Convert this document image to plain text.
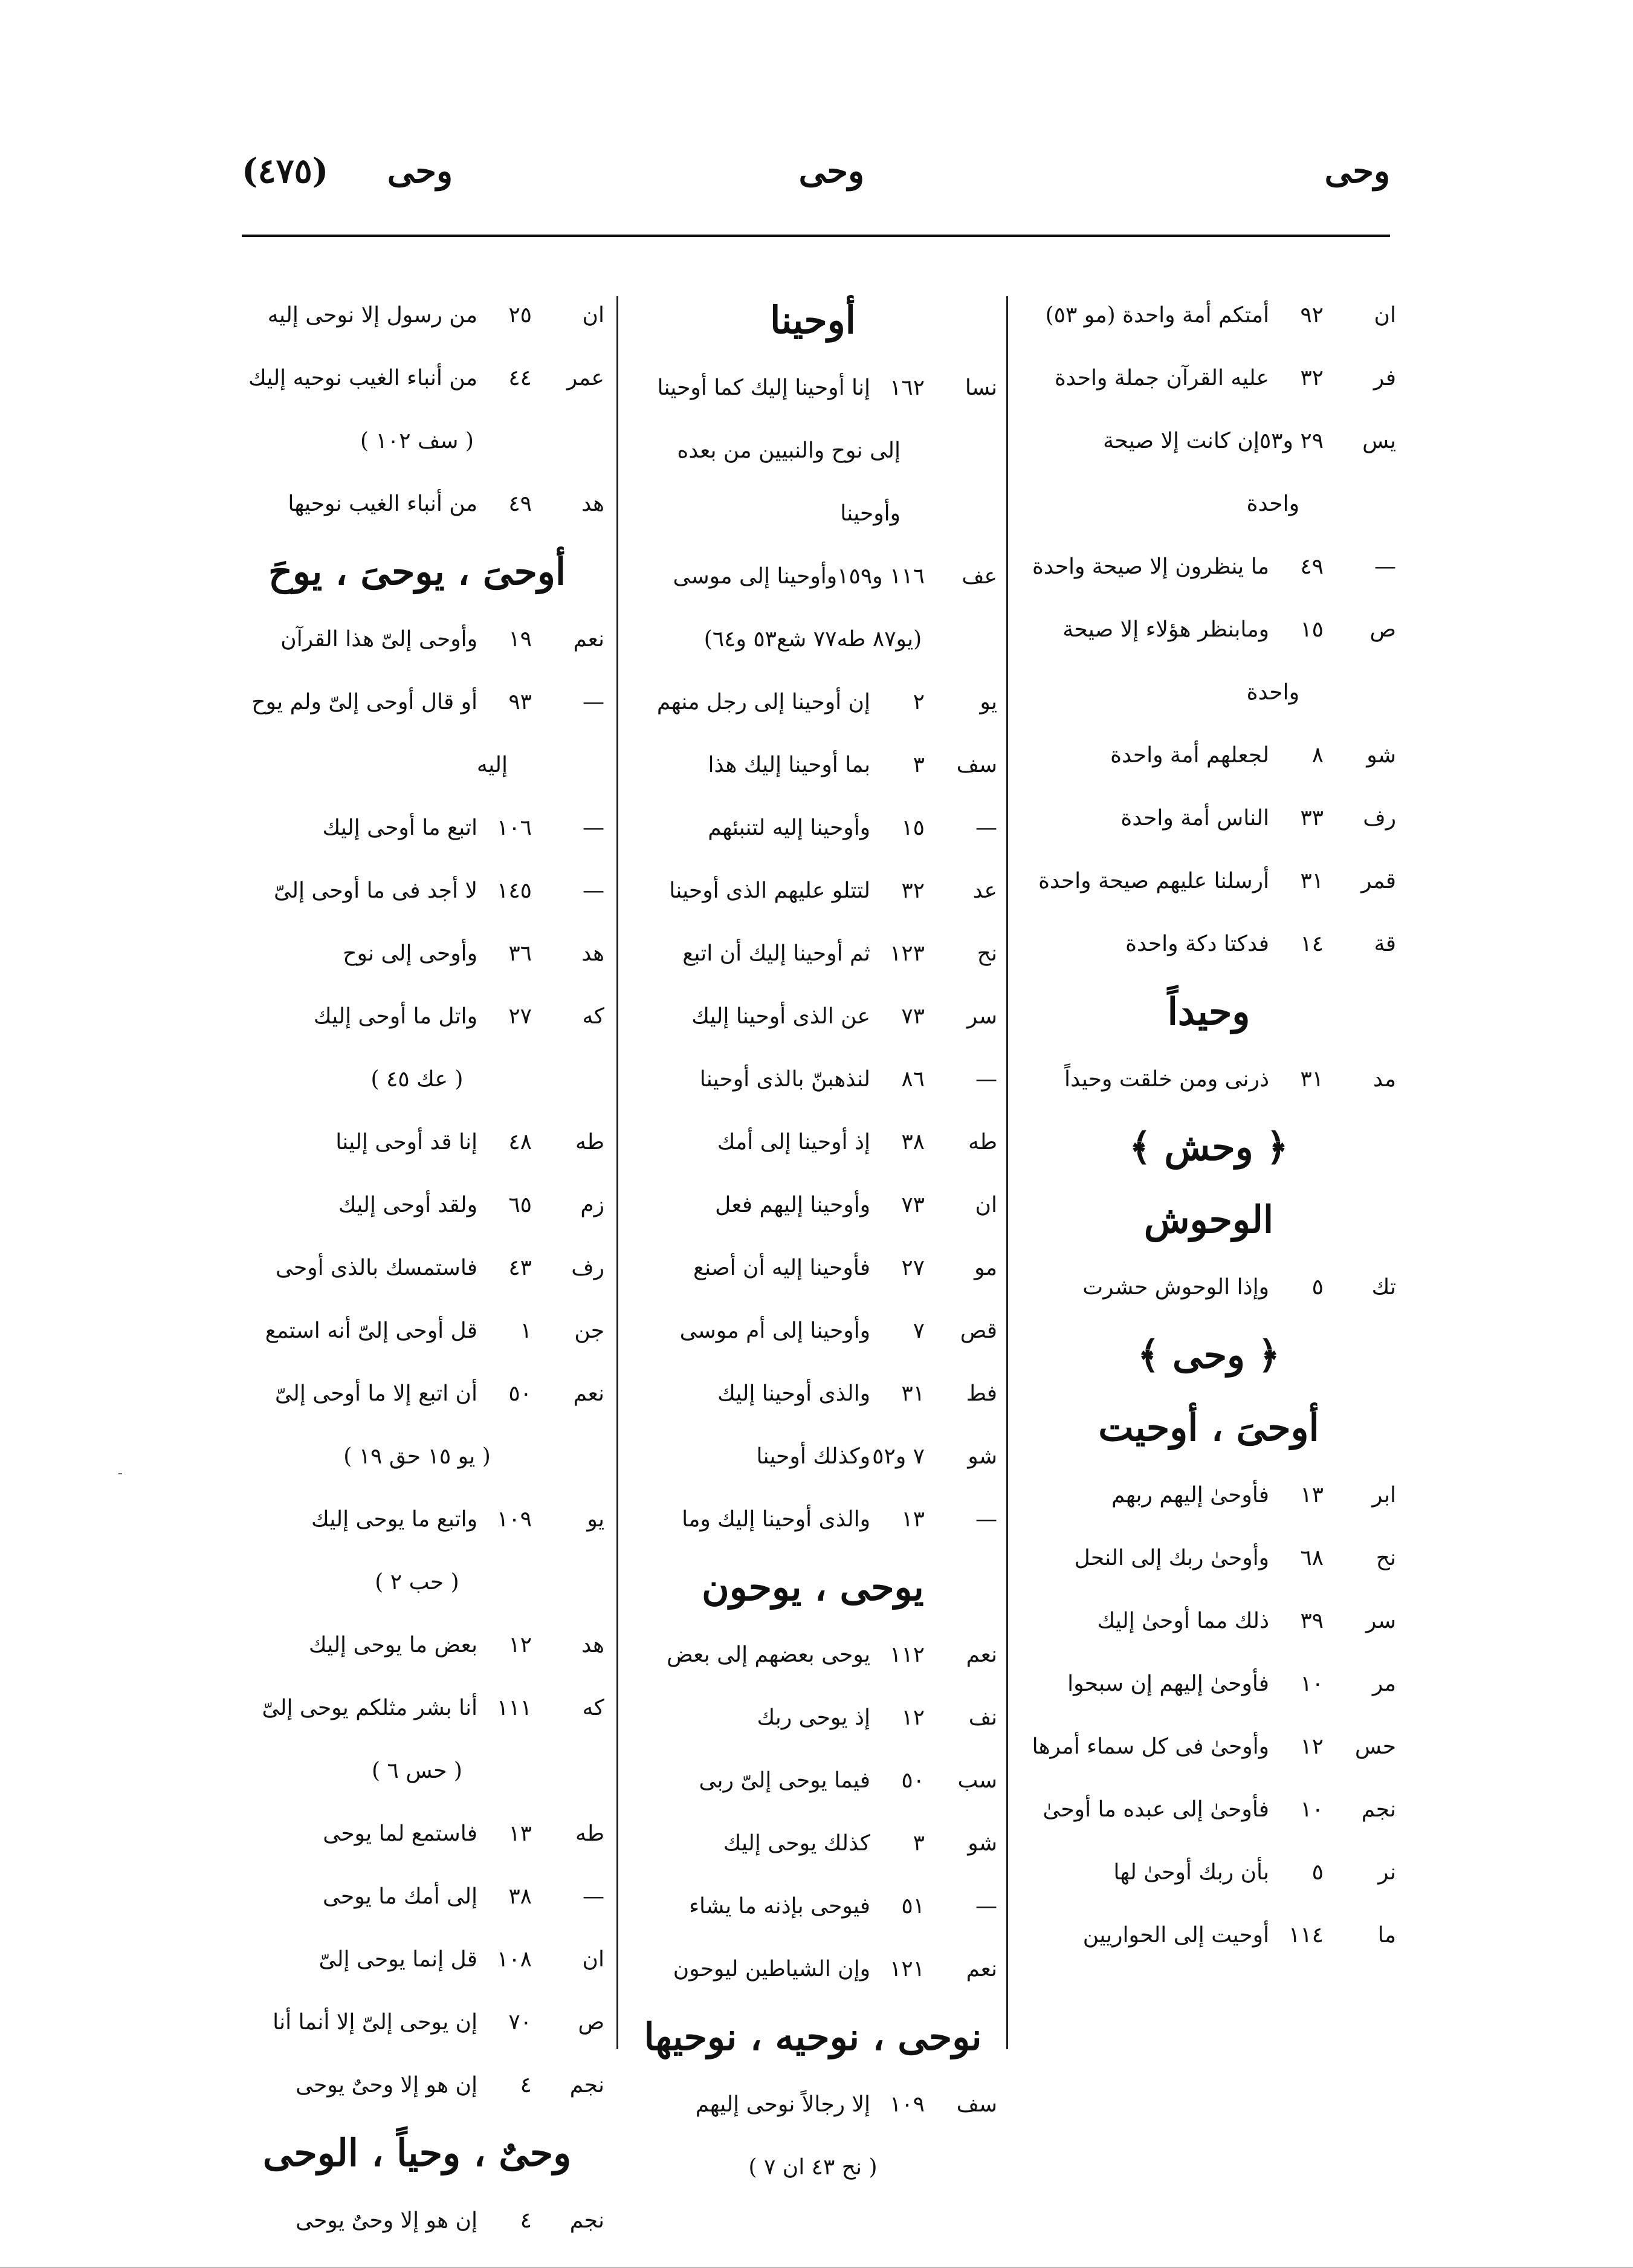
وحى
وحى
وحى     (٤٧٥)
ان٩٢أمتكم أمة واحدة (مو ٥٣)
فر٣٢عليه القرآن جملة واحدة
يس٢٩ و٥٣إن كانت إلا صيحة
واحدة
—٤٩ما ينظرون إلا صيحة واحدة
ص١٥ومابنظر هؤلاء إلا صيحة
واحدة
شو٨لجعلهم أمة واحدة
رف٣٣الناس أمة واحدة
قمر٣١أرسلنا عليهم صيحة واحدة
قة١٤فدكتا دكة واحدة
وحيداً
مد٣١ذرنى ومن خلقت وحيداً
﴿ وحش ﴾
الوحوش
تك٥وإذا الوحوش حشرت
﴿ وحى ﴾
أوحىَ ، أوحيت
ابر١٣فأوحىٰ إليهم ربهم
نح٦٨وأوحىٰ ربك إلى النحل
سر٣٩ذلك مما أوحىٰ إليك
مر١٠فأوحىٰ إليهم إن سبحوا
حس١٢وأوحىٰ فى كل سماء أمرها
نجم١٠فأوحىٰ إلى عبده ما أوحىٰ
نر٥بأن ربك أوحىٰ لها
ما١١٤أوحيت إلى الحواريين
أوحينا
نسا١٦٢إنا أوحينا إليك كما أوحينا
إلى نوح والنبيين من بعده
وأوحينا
عف١١٦ و١٥٩وأوحينا إلى موسى
(يو٨٧ طه٧٧ شع٥٣ و٦٤)
يو٢إن أوحينا إلى رجل منهم
سف٣بما أوحينا إليك هذا
—١٥وأوحينا إليه لتنبئهم
عد٣٢لتتلو عليهم الذى أوحينا
نح١٢٣ثم أوحينا إليك أن اتبع
سر٧٣عن الذى أوحينا إليك
—٨٦لنذهبنّ بالذى أوحينا
طه٣٨إذ أوحينا إلى أمك
ان٧٣وأوحينا إليهم فعل
مو٢٧فأوحينا إليه أن أصنع
قص٧وأوحينا إلى أم موسى
فط٣١والذى أوحينا إليك
شو٧ و٥٢وكذلك أوحينا
—١٣والذى أوحينا إليك وما
يوحى ، يوحون
نعم١١٢يوحى بعضهم إلى بعض
نف١٢إذ يوحى ربك
سب٥٠فيما يوحى إلىّ ربى
شو٣كذلك يوحى إليك
—٥١فيوحى بإذنه ما يشاء
نعم١٢١وإن الشياطين ليوحون
نوحى ، نوحيه ، نوحيها
سف١٠٩إلا رجالاً نوحى إليهم
( نح ٤٣ ان ٧ )
ان٢٥من رسول إلا نوحى إليه
عمر٤٤من أنباء الغيب نوحيه إليك
( سف ١٠٢ )
هد٤٩من أنباء الغيب نوحيها
أوحىَ ، يوحىَ ، يوحَ
نعم١٩وأوحى إلىّ هذا القرآن
—٩٣أو قال أوحى إلىّ ولم يوح
إليه
—١٠٦اتبع ما أوحى إليك
—١٤٥لا أجد فى ما أوحى إلىّ
هد٣٦وأوحى إلى نوح
كه٢٧واتل ما أوحى إليك
( عك ٤٥ )
طه٤٨إنا قد أوحى إلينا
زم٦٥ولقد أوحى إليك
رف٤٣فاستمسك بالذى أوحى
جن١قل أوحى إلىّ أنه استمع
نعم٥٠أن اتبع إلا ما أوحى إلىّ
( يو ١٥ حق ١٩ )
يو١٠٩واتبع ما يوحى إليك
( حب ٢ )
هد١٢بعض ما يوحى إليك
كه١١١أنا بشر مثلكم يوحى إلىّ
( حس ٦ )
طه١٣فاستمع لما يوحى
—٣٨إلى أمك ما يوحى
ان١٠٨قل إنما يوحى إلىّ
ص٧٠إن يوحى إلىّ إلا أنما أنا
نجم٤إن هو إلا وحىٌ يوحى
وحىٌ ، وحياً ، الوحى
نجم٤إن هو إلا وحىٌ يوحى
ـ
